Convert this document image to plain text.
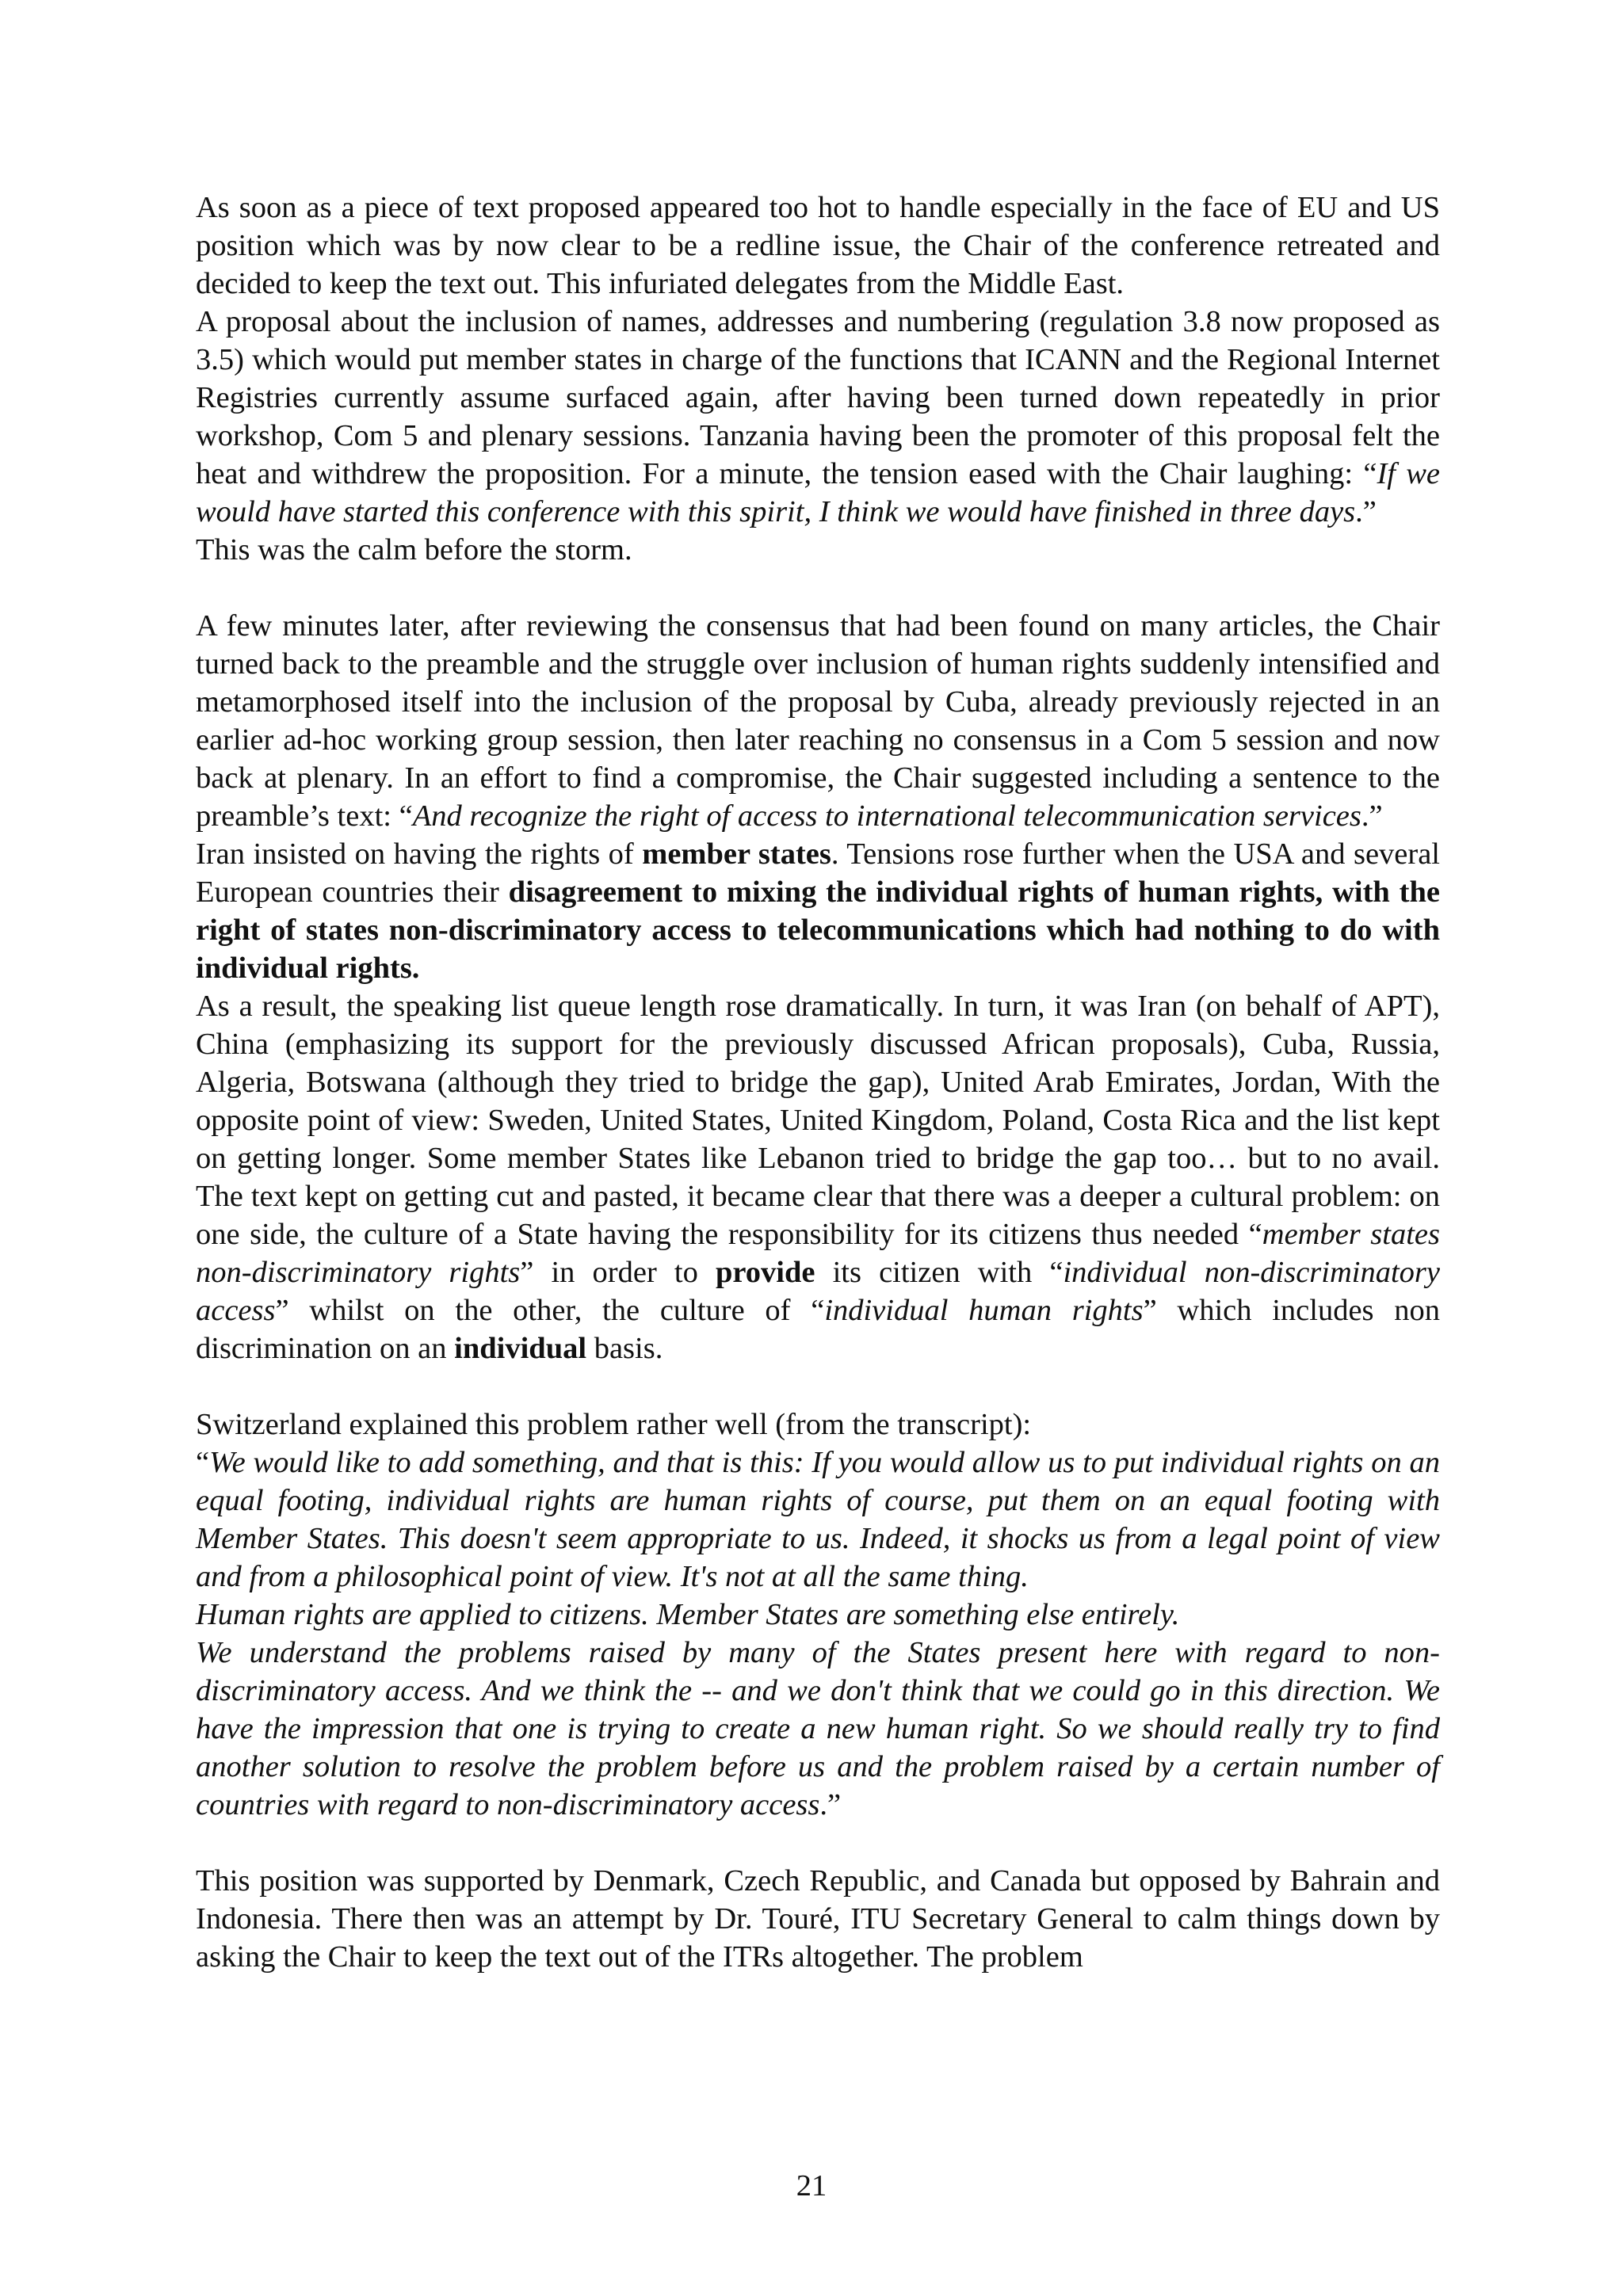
As soon as a piece of text proposed appeared too hot to handle especially in the face of EU and US position which was by now clear to be a redline issue, the Chair of the conference retreated and decided to keep the text out. This infuriated delegates from the Middle East.

A proposal about the inclusion of names, addresses and numbering (regulation 3.8 now proposed as 3.5) which would put member states in charge of the functions that ICANN and the Regional Internet Registries currently assume surfaced again, after having been turned down repeatedly in prior workshop, Com 5 and plenary sessions. Tanzania having been the promoter of this proposal felt the heat and withdrew the proposition. For a minute, the tension eased with the Chair laughing: “If we would have started this conference with this spirit, I think we would have finished in three days.”

This was the calm before the storm.

A few minutes later, after reviewing the consensus that had been found on many articles, the Chair turned back to the preamble and the struggle over inclusion of human rights suddenly intensified and metamorphosed itself into the inclusion of the proposal by Cuba, already previously rejected in an earlier ad-hoc working group session, then later reaching no consensus in a Com 5 session and now back at plenary. In an effort to find a compromise, the Chair suggested including a sentence to the preamble’s text: “And recognize the right of access to international telecommunication services.”

Iran insisted on having the rights of member states. Tensions rose further when the USA and several European countries their disagreement to mixing the individual rights of human rights, with the right of states non-discriminatory access to telecommunications which had nothing to do with individual rights.

As a result, the speaking list queue length rose dramatically. In turn, it was Iran (on behalf of APT), China (emphasizing its support for the previously discussed African proposals), Cuba, Russia, Algeria, Botswana (although they tried to bridge the gap), United Arab Emirates, Jordan, With the opposite point of view: Sweden, United States, United Kingdom, Poland, Costa Rica and the list kept on getting longer. Some member States like Lebanon tried to bridge the gap too… but to no avail. The text kept on getting cut and pasted, it became clear that there was a deeper a cultural problem: on one side, the culture of a State having the responsibility for its citizens thus needed “member states non-discriminatory rights” in order to provide its citizen with “individual non-discriminatory access” whilst on the other, the culture of “individual human rights” which includes non discrimination on an individual basis.

Switzerland explained this problem rather well (from the transcript):

“We would like to add something, and that is this: If you would allow us to put individual rights on an equal footing, individual rights are human rights of course, put them on an equal footing with Member States. This doesn't seem appropriate to us. Indeed, it shocks us from a legal point of view and from a philosophical point of view. It's not at all the same thing.

Human rights are applied to citizens. Member States are something else entirely.

We understand the problems raised by many of the States present here with regard to non-discriminatory access. And we think the -- and we don't think that we could go in this direction. We have the impression that one is trying to create a new human right. So we should really try to find another solution to resolve the problem before us and the problem raised by a certain number of countries with regard to non-discriminatory access.”

This position was supported by Denmark, Czech Republic, and Canada but opposed by Bahrain and Indonesia. There then was an attempt by Dr. Touré, ITU Secretary General to calm things down by asking the Chair to keep the text out of the ITRs altogether. The problem

21
